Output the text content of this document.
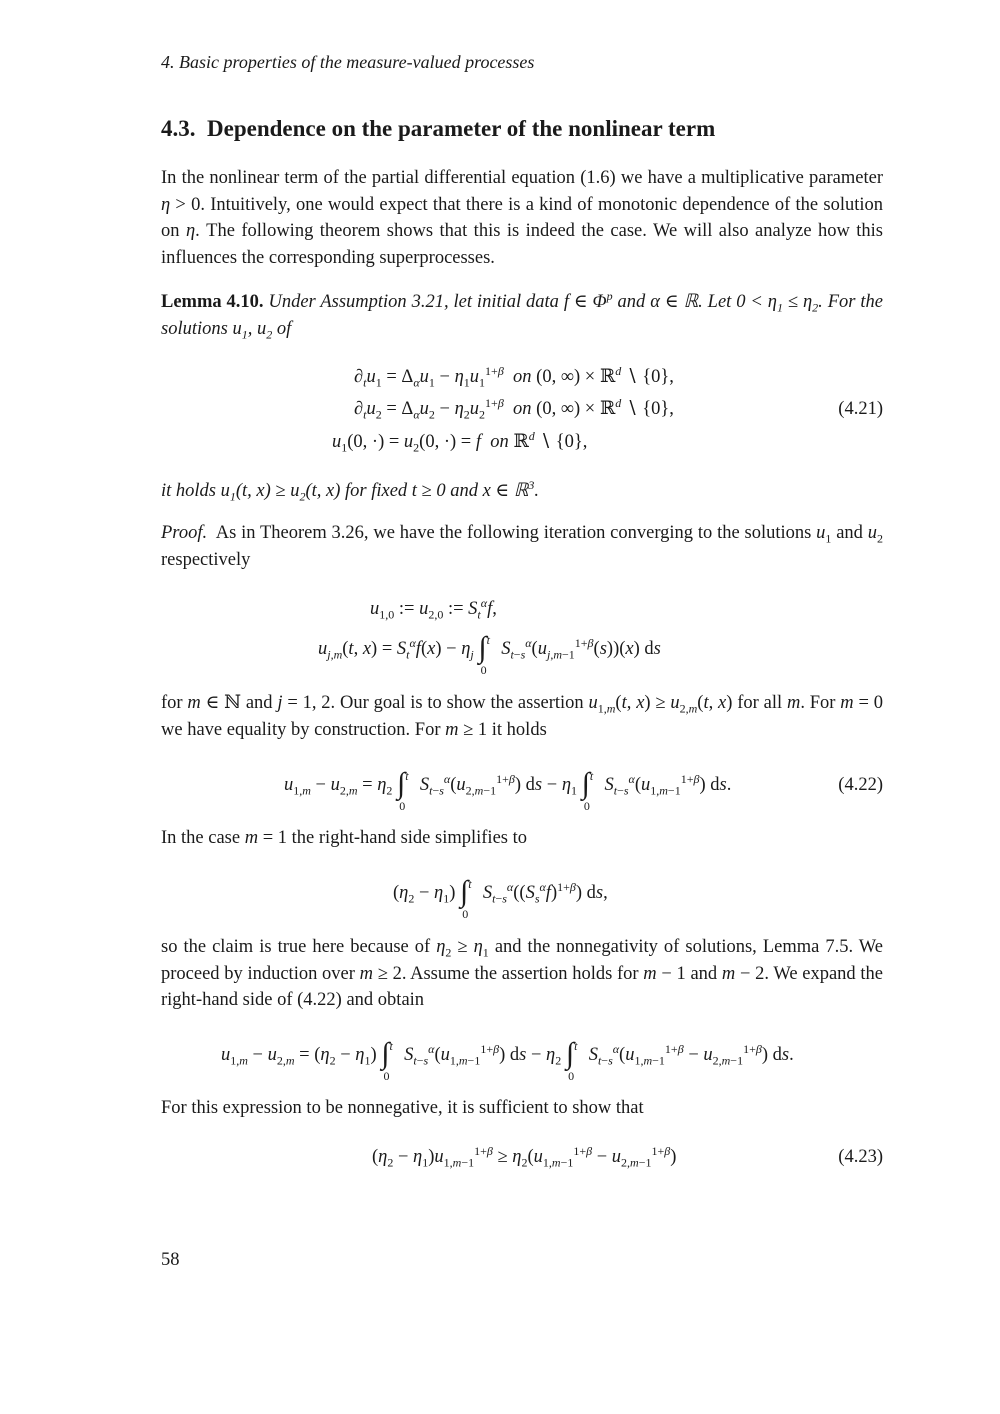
4. Basic properties of the measure-valued processes
4.3. Dependence on the parameter of the nonlinear term

In the nonlinear term of the partial differential equation (1.6) we have a multiplicative parameter η > 0. Intuitively, one would expect that there is a kind of monotonic dependence of the solution on η. The following theorem shows that this is indeed the case. We will also analyze how this influences the corresponding superprocesses.

Lemma 4.10. Under Assumption 3.21, let initial data f ∈ $\Phi^p$ and α ∈ ℝ. Let $0 < \eta_1 \le \eta_2$. For the solutions $u_1$, $u_2$ of

$\partial_tu_1 = \Delta_\alpha u_1 - \eta_1u_1^{1+\beta}$ on (0, ∞) × ℝ$^d$ ∖ {0},
$\partial_tu_2 = \Delta_\alpha u_2 - \eta_2u_2^{1+\beta}$ on (0, ∞) × ℝ$^d$ ∖ {0},
$u_1(0$, ·) = $u_2(0$, ·) = f on ℝ$^d$ ∖ {0},
(4.21)

it holds $u_1(t$, $x) \ge u_2(t$, x) for fixed t ≥ 0 and x ∈ ℝ$^3$.

Proof.  As in Theorem 3.26, we have the following iteration converging to the solutions $u_1$ and $u_2$ respectively

$u_{1,0}$ := $u_{2,0}$ := $S_t^\alpha f$,
$u_{j,m}(t$, $x) = S_t^\alpha f(x) - \eta_j$ ∫ t
0
$S_{t-s}^\alpha(u_{j,m-1}^{1+\beta}(s))(x)$ ds

for m ∈ ℕ and j = 1, 2. Our goal is to show the assertion $u_{1,m}(t$, $x) \ge u_{2,m}(t$, x) for all m. For m = 0 we have equality by construction. For m ≥ 1 it holds

$u_{1,m} - u_{2,m} = \eta_2$ ∫ t
0
$S_{t-s}^\alpha(u_{2,m-1}^{1+\beta})$ ds − $\eta_1$ ∫ t
0
$S_{t-s}^\alpha(u_{1,m-1}^{1+\beta})$ ds.	(4.22)

In the case m = 1 the right-hand side simplifies to

$(\eta_2 - \eta_1)$ ∫ t
0
$S_{t-s}^\alpha((S_s^\alpha f)^{1+\beta})$ ds,

so the claim is true here because of $\eta_2 \ge \eta_1$ and the nonnegativity of solutions, Lemma 7.5. We proceed by induction over m ≥ 2. Assume the assertion holds for m − 1 and m − 2. We expand the right-hand side of (4.22) and obtain

$u_{1,m} - u_{2,m} = (\eta_2 - \eta_1)$ ∫ t
0
$S_{t-s}^\alpha(u_{1,m-1}^{1+\beta})$ ds − $\eta_2$ ∫ t
0
$S_{t-s}^\alpha(u_{1,m-1}^{1+\beta} - u_{2,m-1}^{1+\beta})$ ds.

For this expression to be nonnegative, it is sufficient to show that

$(\eta_2 - \eta_1)u_{1,m-1}^{1+\beta} \ge \eta_2(u_{1,m-1}^{1+\beta} - u_{2,m-1}^{1+\beta})$	(4.23)
58
